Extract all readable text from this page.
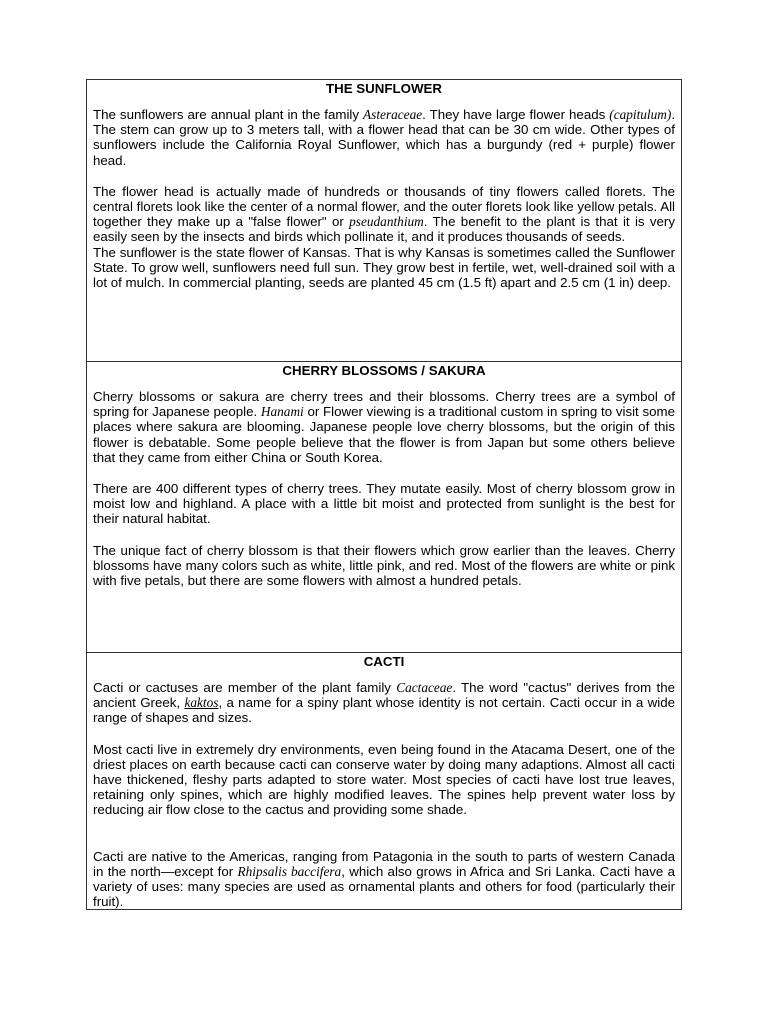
THE SUNFLOWER

The sunflowers are annual plant in the family Asteraceae. They have large flower heads (capitulum). The stem can grow up to 3 meters tall, with a flower head that can be 30 cm wide. Other types of sunflowers include the California Royal Sunflower, which has a burgundy (red + purple) flower head.

The flower head is actually made of hundreds or thousands of tiny flowers called florets. The central florets look like the center of a normal flower, and the outer florets look like yellow petals. All together they make up a "false flower" or pseudanthium. The benefit to the plant is that it is very easily seen by the insects and birds which pollinate it, and it produces thousands of seeds.

The sunflower is the state flower of Kansas. That is why Kansas is sometimes called the Sunflower State. To grow well, sunflowers need full sun. They grow best in fertile, wet, well-drained soil with a lot of mulch. In commercial planting, seeds are planted 45 cm (1.5 ft) apart and 2.5 cm (1 in) deep.

CHERRY BLOSSOMS / SAKURA

Cherry blossoms or sakura are cherry trees and their blossoms. Cherry trees are a symbol of spring for Japanese people. Hanami or Flower viewing is a traditional custom in spring to visit some places where sakura are blooming. Japanese people love cherry blossoms, but the origin of this flower is debatable. Some people believe that the flower is from Japan but some others believe that they came from either China or South Korea.

There are 400 different types of cherry trees. They mutate easily. Most of cherry blossom grow in moist low and highland. A place with a little bit moist and protected from sunlight is the best for their natural habitat.

The unique fact of cherry blossom is that their flowers which grow earlier than the leaves. Cherry blossoms have many colors such as white, little pink, and red. Most of the flowers are white or pink with five petals, but there are some flowers with almost a hundred petals.

CACTI

Cacti or cactuses are member of the plant family Cactaceae. The word "cactus" derives from the ancient Greek, kaktos, a name for a spiny plant whose identity is not certain. Cacti occur in a wide range of shapes and sizes.

Most cacti live in extremely dry environments, even being found in the Atacama Desert, one of the driest places on earth because cacti can conserve water by doing many adaptions. Almost all cacti have thickened, fleshy parts adapted to store water. Most species of cacti have lost true leaves, retaining only spines, which are highly modified leaves. The spines help prevent water loss by reducing air flow close to the cactus and providing some shade.

Cacti are native to the Americas, ranging from Patagonia in the south to parts of western Canada in the north—except for Rhipsalis baccifera, which also grows in Africa and Sri Lanka. Cacti have a variety of uses: many species are used as ornamental plants and others for food (particularly their fruit).
